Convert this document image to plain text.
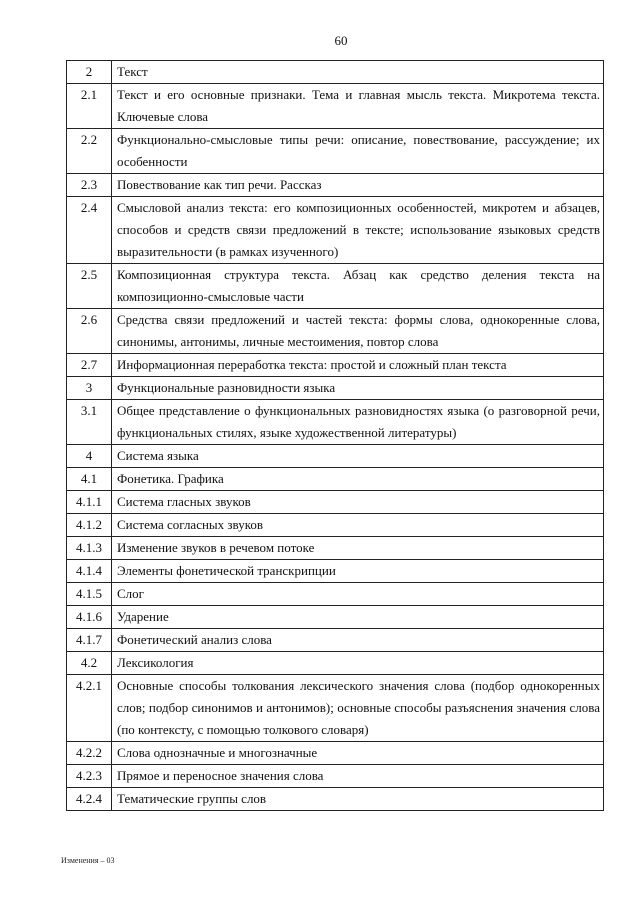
60
2	Текст
2.1	Текст и его основные признаки. Тема и главная мысль текста. Микротема текста. Ключевые слова
2.2	Функционально-смысловые типы речи: описание, повествование, рассуждение; их особенности
2.3	Повествование как тип речи. Рассказ
2.4	Смысловой анализ текста: его композиционных особенностей, микротем и абзацев, способов и средств связи предложений в тексте; использование языковых средств выразительности (в рамках изученного)
2.5	Композиционная структура текста. Абзац как средство деления текста на композиционно-смысловые части
2.6	Средства связи предложений и частей текста: формы слова, однокоренные слова, синонимы, антонимы, личные местоимения, повтор слова
2.7	Информационная переработка текста: простой и сложный план текста
3	Функциональные разновидности языка
3.1	Общее представление о функциональных разновидностях языка (о разговорной речи, функциональных стилях, языке художественной литературы)
4	Система языка
4.1	Фонетика. Графика
4.1.1	Система гласных звуков
4.1.2	Система согласных звуков
4.1.3	Изменение звуков в речевом потоке
4.1.4	Элементы фонетической транскрипции
4.1.5	Слог
4.1.6	Ударение
4.1.7	Фонетический анализ слова
4.2	Лексикология
4.2.1	Основные способы толкования лексического значения слова (подбор однокоренных слов; подбор синонимов и антонимов); основные способы разъяснения значения слова (по контексту, с помощью толкового словаря)
4.2.2	Слова однозначные и многозначные
4.2.3	Прямое и переносное значения слова
4.2.4	Тематические группы слов
Изменения – 03
